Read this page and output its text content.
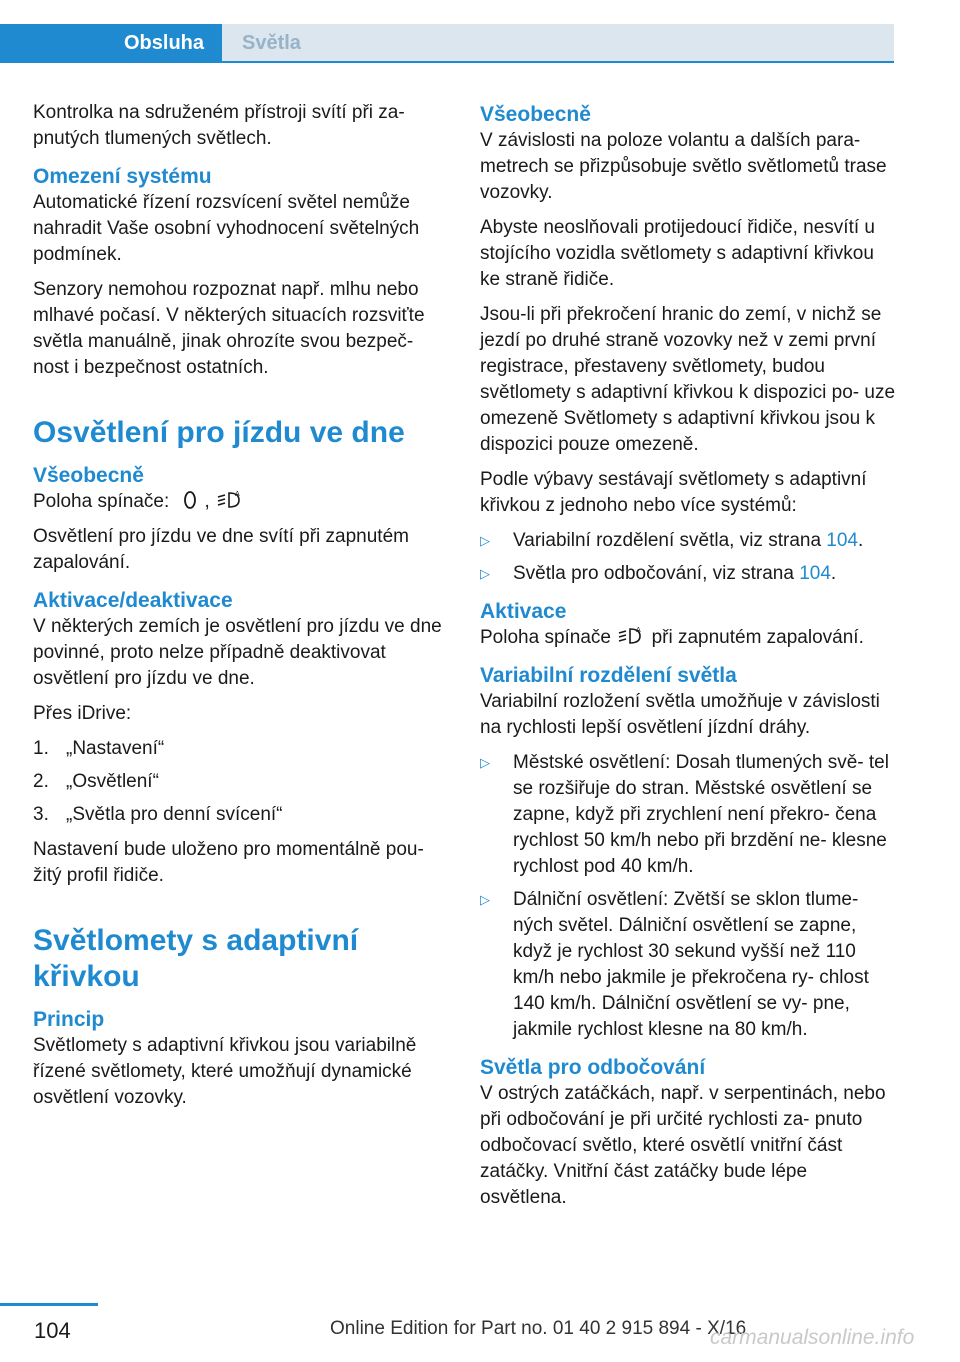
Obsluha	Světla

Kontrolka na sdruženém přístroji svítí při za‐ pnutých tlumených světlech.

Omezení systému

Automatické řízení rozsvícení světel nemůže nahradit Vaše osobní vyhodnocení světelných podmínek.

Senzory nemohou rozpoznat např. mlhu nebo mlhavé počasí. V některých situacích rozsviťte světla manuálně, jinak ohrozíte svou bezpeč‐ nost i bezpečnost ostatních.

Osvětlení pro jízdu ve dne
Všeobecně

Poloha spínače: ,	A

Osvětlení pro jízdu ve dne svítí při zapnutém zapalování.

Aktivace/deaktivace

V některých zemích je osvětlení pro jízdu ve dne povinné, proto nelze případně deaktivovat osvětlení pro jízdu ve dne.

Přes iDrive:

1. „Nastavení“
2. „Osvětlení“
3. „Světla pro denní svícení“

Nastavení bude uloženo pro momentálně pou‐ žitý profil řidiče.

Světlomety s adaptivní křivkou
Princip

Světlomety s adaptivní křivkou jsou variabilně řízené světlomety, které umožňují dynamické osvětlení vozovky.

Všeobecně

V závislosti na poloze volantu a dalších para‐ metrech se přizpůsobuje světlo světlometů trase vozovky.

Abyste neoslňovali protijedoucí řidiče, nesvítí u stojícího vozidla světlomety s adaptivní křivkou ke straně řidiče.

Jsou-li při překročení hranic do zemí, v nichž se jezdí po druhé straně vozovky než v zemi první registrace, přestaveny světlomety, budou světlomety s adaptivní křivkou k dispozici po‐ uze omezeně Světlomety s adaptivní křivkou jsou k dispozici pouze omezeně.

Podle výbavy sestávají světlomety s adaptivní křivkou z jednoho nebo více systémů:

▷ Variabilní rozdělení světla, viz strana 104.
▷ Světla pro odbočování, viz strana 104.
Aktivace

Poloha spínače	A při zapnutém zapalování.

Variabilní rozdělení světla

Variabilní rozložení světla umožňuje v závislosti na rychlosti lepší osvětlení jízdní dráhy.

▷ Městské osvětlení: Dosah tlumených svě‐ tel se rozšiřuje do stran. Městské osvětlení se zapne, když při zrychlení není překro‐ čena rychlost 50 km/h nebo při brzdění ne‐ klesne rychlost pod 40 km/h.
▷ Dálniční osvětlení: Zvětší se sklon tlume‐ ných světel. Dálniční osvětlení se zapne, když je rychlost 30 sekund vyšší než 110 km/h nebo jakmile je překročena ry‐ chlost 140 km/h. Dálniční osvětlení se vy‐ pne, jakmile rychlost klesne na 80 km/h.
Světla pro odbočování

V ostrých zatáčkách, např. v serpentinách, nebo při odbočování je při určité rychlosti za‐ pnuto odbočovací světlo, které osvětlí vnitřní část zatáčky. Vnitřní část zatáčky bude lépe osvětlena.

104	Online Edition for Part no. 01 40 2 915 894 - X/16
carmanualsonline.info
